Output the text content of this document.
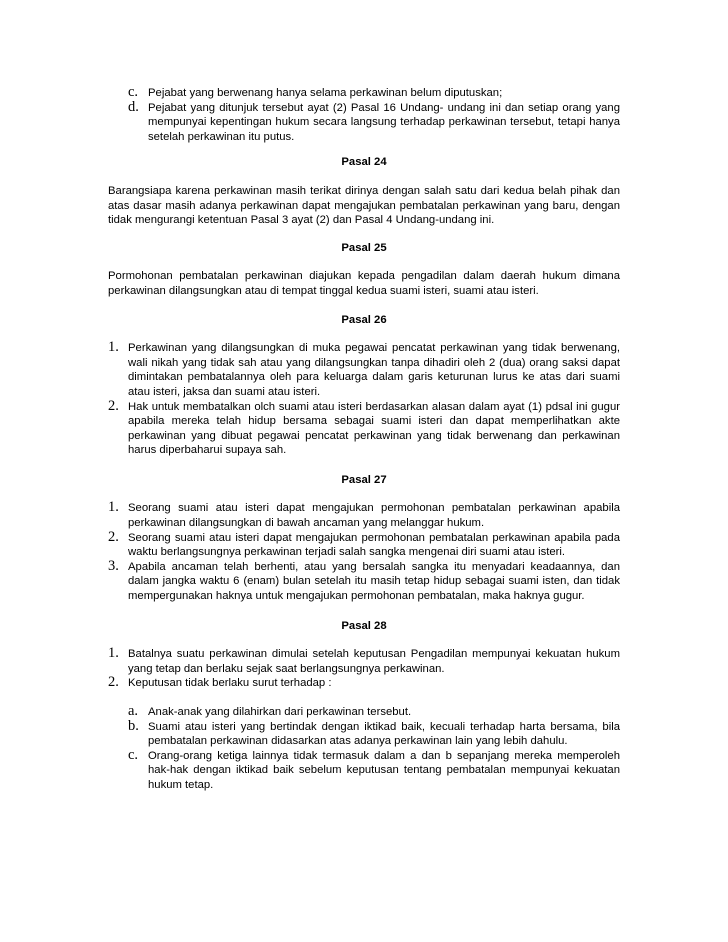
c. Pejabat yang berwenang hanya selama perkawinan belum diputuskan;
d. Pejabat yang ditunjuk tersebut ayat (2) Pasal 16 Undang- undang ini dan setiap orang yang mempunyai kepentingan hukum secara langsung terhadap perkawinan tersebut, tetapi hanya setelah perkawinan itu putus.
Pasal 24
Barangsiapa karena perkawinan masih terikat dirinya dengan salah satu dari kedua belah pihak dan atas dasar masih adanya perkawinan dapat mengajukan pembatalan perkawinan yang baru, dengan tidak mengurangi ketentuan Pasal 3 ayat (2) dan Pasal 4 Undang-undang ini.
Pasal 25
Pormohonan pembatalan perkawinan diajukan kepada pengadilan dalam daerah hukum dimana perkawinan dilangsungkan atau di tempat tinggal kedua suami isteri, suami atau isteri.
Pasal 26
1. Perkawinan yang dilangsungkan di muka pegawai pencatat perkawinan yang tidak berwenang, wali nikah yang tidak sah atau yang dilangsungkan tanpa dihadiri oleh 2 (dua) orang saksi dapat dimintakan pembatalannya oleh para keluarga dalam garis keturunan lurus ke atas dari suami atau isteri, jaksa dan suami atau isteri.
2. Hak untuk membatalkan olch suami atau isteri berdasarkan alasan dalam ayat (1) pdsal ini gugur apabila mereka telah hidup bersama sebagai suami isteri dan dapat memperlihatkan akte perkawinan yang dibuat pegawai pencatat perkawinan yang tidak berwenang dan perkawinan harus diperbaharui supaya sah.
Pasal 27
1. Seorang suami atau isteri dapat mengajukan permohonan pembatalan perkawinan apabila perkawinan dilangsungkan di bawah ancaman yang melanggar hukum.
2. Seorang suami atau isteri dapat mengajukan permohonan pembatalan perkawinan apabila pada waktu berlangsungnya perkawinan terjadi salah sangka mengenai diri suami atau isteri.
3. Apabila ancaman telah berhenti, atau yang bersalah sangka itu menyadari keadaannya, dan dalam jangka waktu 6 (enam) bulan setelah itu masih tetap hidup sebagai suami isten, dan tidak mempergunakan haknya untuk mengajukan permohonan pembatalan, maka haknya gugur.
Pasal 28
1. Batalnya suatu perkawinan dimulai setelah keputusan Pengadilan mempunyai kekuatan hukum yang tetap dan berlaku sejak saat berlangsungnya perkawinan.
2. Keputusan tidak berlaku surut terhadap :
a. Anak-anak yang dilahirkan dari perkawinan tersebut.
b. Suami atau isteri yang bertindak dengan iktikad baik, kecuali terhadap harta bersama, bila pembatalan perkawinan didasarkan atas adanya perkawinan lain yang lebih dahulu.
c. Orang-orang ketiga lainnya tidak termasuk dalam a dan b sepanjang mereka memperoleh hak-hak dengan iktikad baik sebelum keputusan tentang pembatalan mempunyai kekuatan hukum tetap.
